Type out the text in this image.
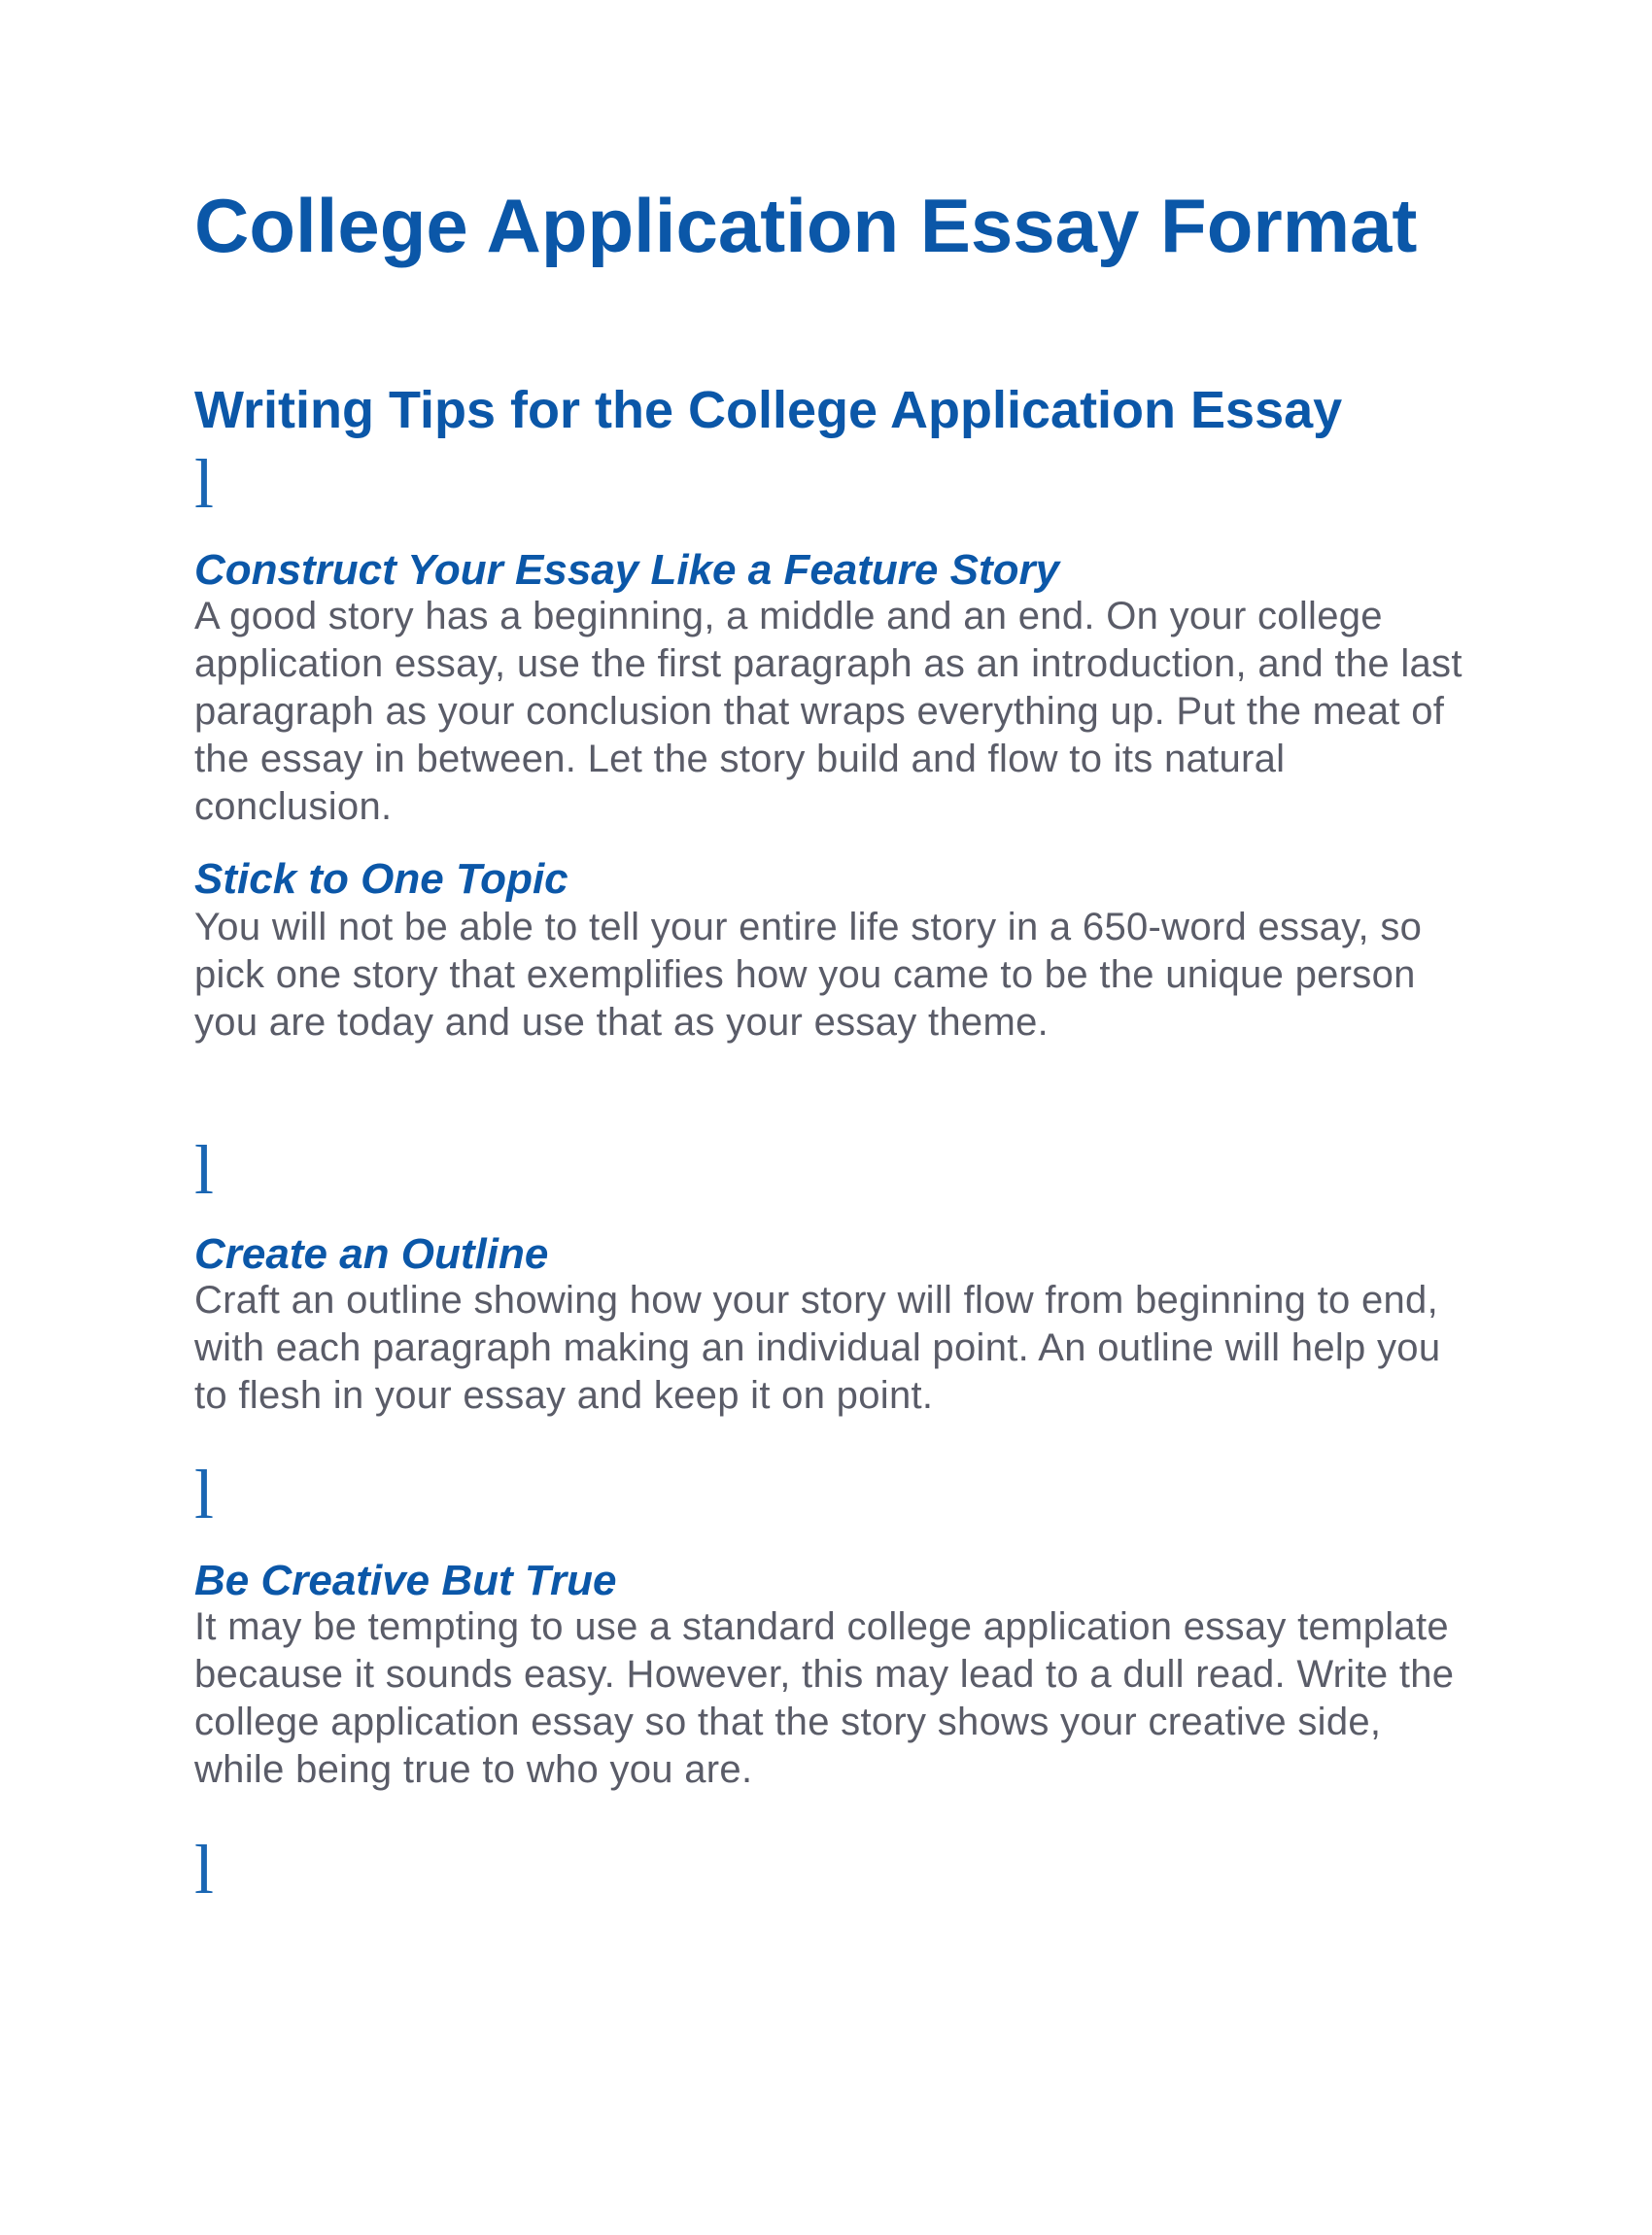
College Application Essay Format
Writing Tips for the College Application Essay
l
Construct Your Essay Like a Feature Story

A good story has a beginning, a middle and an end. On your college application essay, use the first paragraph as an introduction, and the last paragraph as your conclusion that wraps everything up. Put the meat of the essay in between. Let the story build and flow to its natural conclusion.

Stick to One Topic

You will not be able to tell your entire life story in a 650-word essay, so pick one story that exemplifies how you came to be the unique person you are today and use that as your essay theme.

l
Create an Outline

Craft an outline showing how your story will flow from beginning to end, with each paragraph making an individual point. An outline will help you to flesh in your essay and keep it on point.

l
Be Creative But True

It may be tempting to use a standard college application essay template because it sounds easy. However, this may lead to a dull read. Write the college application essay so that the story shows your creative side, while being true to who you are.

l
